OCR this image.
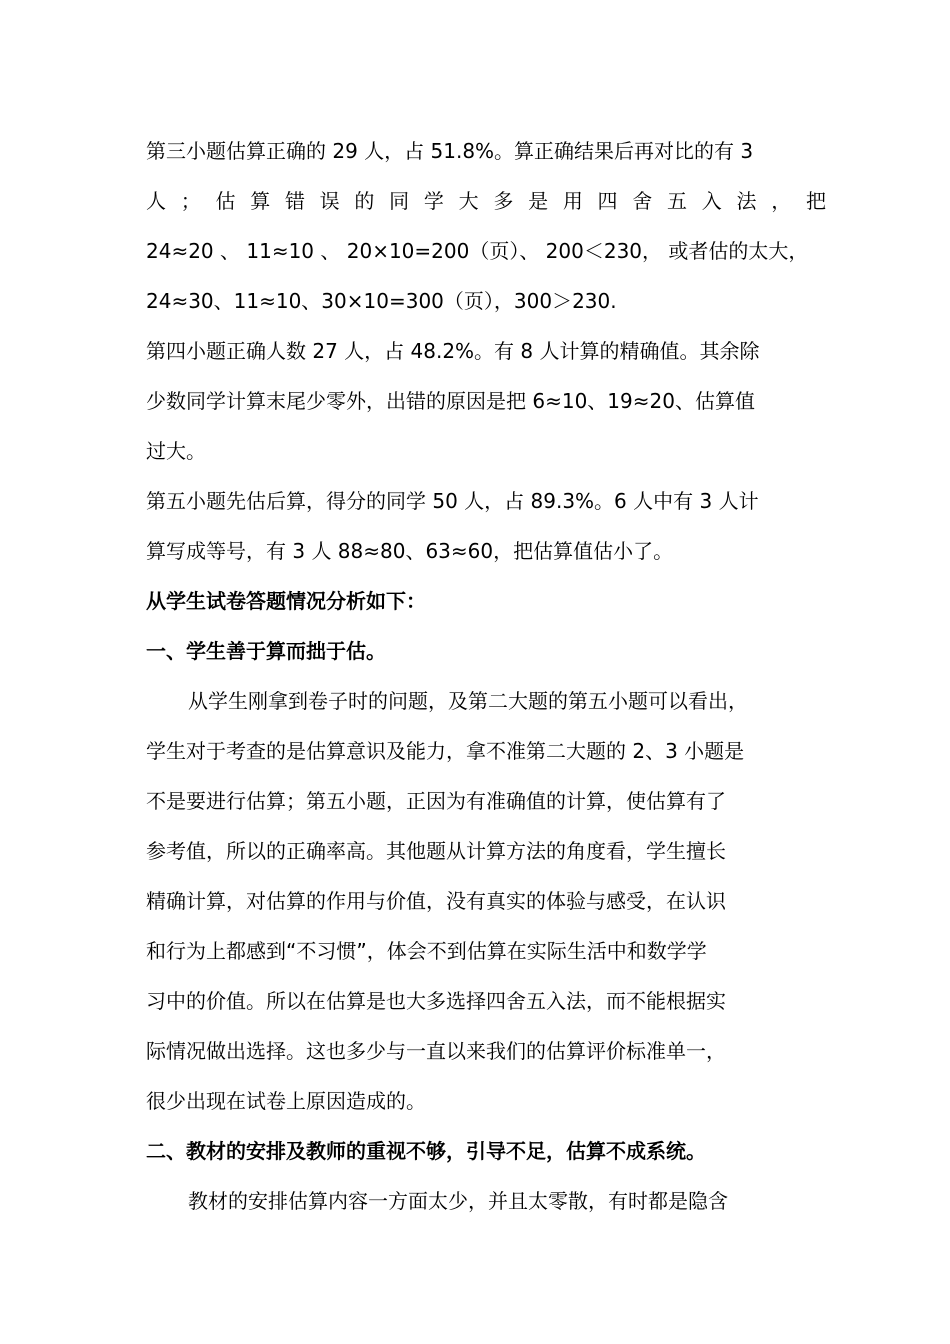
第三小题估算正确的 29 人，占 51.8%。算正确结果后再对比的有 3
人 ； 估 算 错 误 的 同 学 大 多 是 用 四 舍 五 入 法 ， 把
24≈20 、 11≈10 、 20×10=200（页）、 200＜230， 或者估的太大，
24≈30、11≈10、30×10=300（页），300＞230.
第四小题正确人数 27 人，占 48.2%。有 8 人计算的精确值。其余除
少数同学计算末尾少零外，出错的原因是把 6≈10、19≈20、估算值
过大。
第五小题先估后算，得分的同学 50 人，占 89.3%。6 人中有 3 人计
算写成等号，有 3 人 88≈80、63≈60，把估算值估小了。
从学生试卷答题情况分析如下：
一、学生善于算而拙于估。
从学生刚拿到卷子时的问题，及第二大题的第五小题可以看出，
学生对于考查的是估算意识及能力，拿不准第二大题的 2、3 小题是
不是要进行估算；第五小题，正因为有准确值的计算，使估算有了
参考值，所以的正确率高。其他题从计算方法的角度看，学生擅长
精确计算，对估算的作用与价值，没有真实的体验与感受，在认识
和行为上都感到“不习惯”，体会不到估算在实际生活中和数学学
习中的价值。所以在估算是也大多选择四舍五入法，而不能根据实
际情况做出选择。这也多少与一直以来我们的估算评价标准单一，
很少出现在试卷上原因造成的。
二、教材的安排及教师的重视不够，引导不足，估算不成系统。
教材的安排估算内容一方面太少，并且太零散，有时都是隐含
